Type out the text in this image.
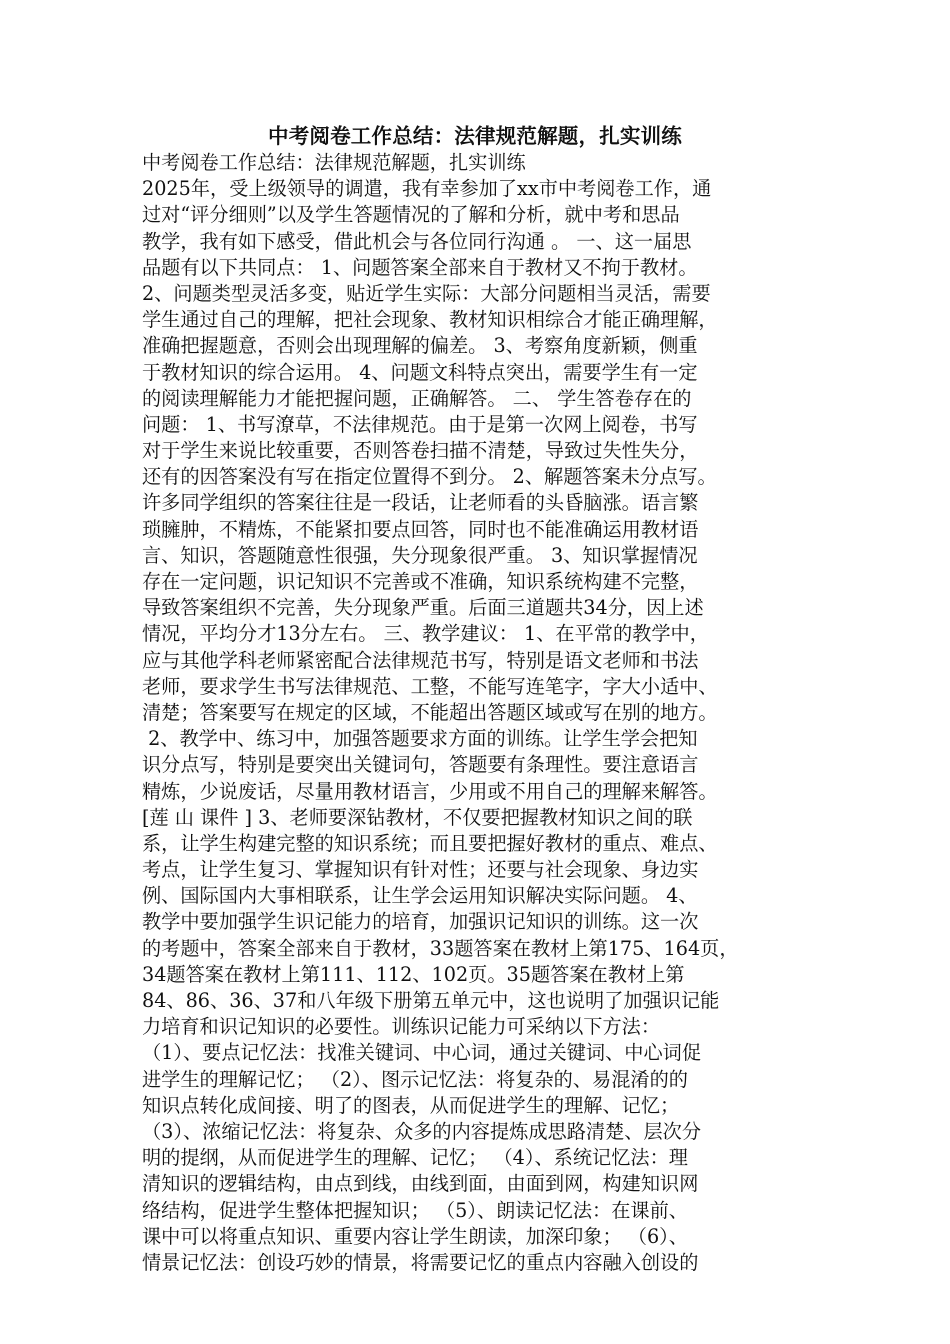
中考阅卷工作总结：法律规范解题，扎实训练
中考阅卷工作总结：法律规范解题，扎实训练
2025年，受上级领导的调遣，我有幸参加了xx市中考阅卷工作，通
过对“评分细则”以及学生答题情况的了解和分析，就中考和思品
教学，我有如下感受，借此机会与各位同行沟通 。 一、这一届思
品题有以下共同点： 1、问题答案全部来自于教材又不拘于教材。
2、问题类型灵活多变，贴近学生实际：大部分问题相当灵活，需要
学生通过自己的理解，把社会现象、教材知识相综合才能正确理解，
准确把握题意，否则会出现理解的偏差。 3、考察角度新颖，侧重
于教材知识的综合运用。 4、问题文科特点突出，需要学生有一定
的阅读理解能力才能把握问题，正确解答。 二、 学生答卷存在的
问题： 1、书写潦草，不法律规范。由于是第一次网上阅卷，书写
对于学生来说比较重要，否则答卷扫描不清楚，导致过失性失分，
还有的因答案没有写在指定位置得不到分。 2、解题答案未分点写。
许多同学组织的答案往往是一段话，让老师看的头昏脑涨。语言繁
琐臃肿，不精炼，不能紧扣要点回答，同时也不能准确运用教材语
言、知识，答题随意性很强，失分现象很严重。 3、知识掌握情况
存在一定问题，识记知识不完善或不准确，知识系统构建不完整，
导致答案组织不完善，失分现象严重。后面三道题共34分，因上述
情况，平均分才13分左右。 三、教学建议： 1、在平常的教学中，
应与其他学科老师紧密配合法律规范书写，特别是语文老师和书法
老师，要求学生书写法律规范、工整，不能写连笔字，字大小适中、
清楚；答案要写在规定的区域，不能超出答题区域或写在别的地方。
2、教学中、练习中，加强答题要求方面的训练。让学生学会把知
识分点写，特别是要突出关键词句，答题要有条理性。要注意语言
精炼，少说废话，尽量用教材语言，少用或不用自己的理解来解答。
[莲 山 课件 ] 3、老师要深钻教材，不仅要把握教材知识之间的联
系，让学生构建完整的知识系统；而且要把握好教材的重点、难点、
考点，让学生复习、掌握知识有针对性；还要与社会现象、身边实
例、国际国内大事相联系，让生学会运用知识解决实际问题。 4、
教学中要加强学生识记能力的培育，加强识记知识的训练。这一次
的考题中，答案全部来自于教材，33题答案在教材上第175、164页，
34题答案在教材上第111、112、102页。35题答案在教材上第
84、86、36、37和八年级下册第五单元中，这也说明了加强识记能
力培育和识记知识的必要性。训练识记能力可采纳以下方法：
（1）、要点记忆法：找准关键词、中心词，通过关键词、中心词促
进学生的理解记忆； （2）、图示记忆法：将复杂的、易混淆的的
知识点转化成间接、明了的图表，从而促进学生的理解、记忆；
（3）、浓缩记忆法：将复杂、众多的内容提炼成思路清楚、层次分
明的提纲，从而促进学生的理解、记忆； （4）、系统记忆法：理
清知识的逻辑结构，由点到线，由线到面，由面到网，构建知识网
络结构，促进学生整体把握知识； （5）、朗读记忆法：在课前、
课中可以将重点知识、重要内容让学生朗读，加深印象； （6）、
情景记忆法：创设巧妙的情景，将需要记忆的重点内容融入创设的
